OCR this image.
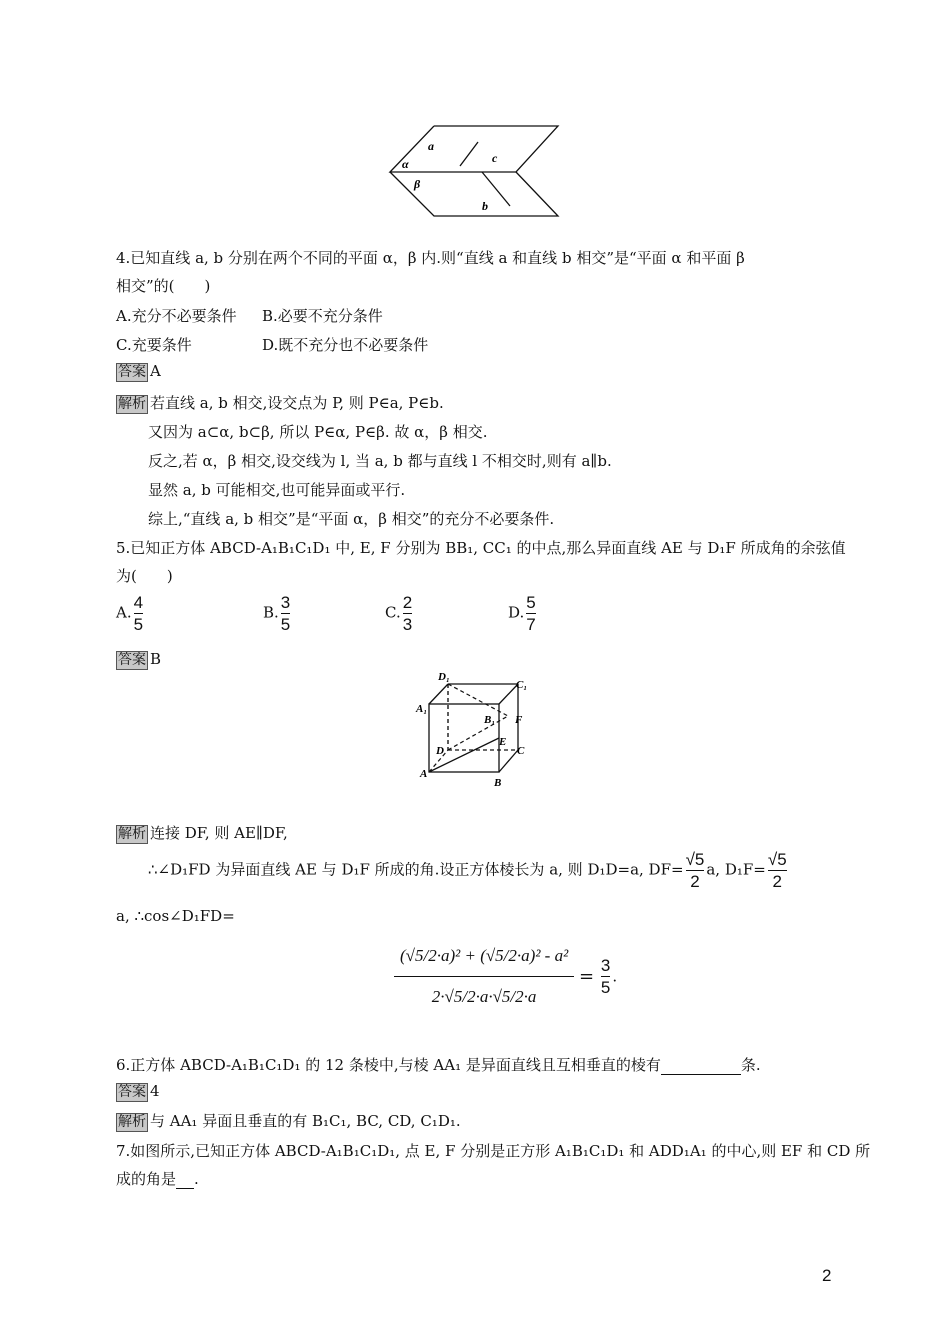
a
α	c
β
b
4.已知直线 a, b 分别在两个不同的平面 α，β 内.则“直线 a 和直线 b 相交”是“平面 α 和平面 β
相交”的(　　)
A.充分不必要条件 B.必要不充分条件
C.充要条件	D.既不充分也不必要条件
答案 A
解析 若直线 a, b 相交,设交点为 P, 则 P∈a, P∈b.
又因为 a⊂α, b⊂β, 所以 P∈α, P∈β. 故 α，β 相交.
反之,若 α，β 相交,设交线为 l, 当 a, b 都与直线 l 不相交时,则有 a∥b.
显然 a, b 可能相交,也可能异面或平行.
综上,“直线 a, b 相交”是“平面 α，β 相交”的充分不必要条件.
5.已知正方体 ABCD-A₁B₁C₁D₁ 中, E, F 分别为 BB₁, CC₁ 的中点,那么异面直线 AE 与 D₁F 所成角的余弦值
为(　　)
A. $\frac{4}{5}$	B. $\frac{3}{5}$	C. $\frac{2}{3}$	D. $\frac{5}{7}$
答案 B
D₁
C₁
A₁
B₁ F
E
D	C
A
B
解析 连接 DF, 则 AE∥DF,
∴∠D₁FD 为异面直线 AE 与 D₁F 所成的角.设正方体棱长为 a, 则 D₁D=a, $DF= \frac{√5}{2} a$, $D_1F= \frac{√5}{2}$
a, ∴cos∠D₁FD=
$\frac{\text{(√5/2·a)² + (√5/2·a)² - a²}}{2\cdot√5/2\cdot a\cdot√5/2\cdot a} = \frac{3}{5}$ .
6.正方体 ABCD-A₁B₁C₁D₁ 的 12 条棱中,与棱 AA₁ 是异面直线且互相垂直的棱有	条.
答案 4
解析 与 AA₁ 异面且垂直的有 B₁C₁, BC, CD, C₁D₁.
7.如图所示,已知正方体 ABCD-A₁B₁C₁D₁, 点 E, F 分别是正方形 A₁B₁C₁D₁ 和 ADD₁A₁ 的中心,则 EF 和 CD 所
成的角是 .
2
